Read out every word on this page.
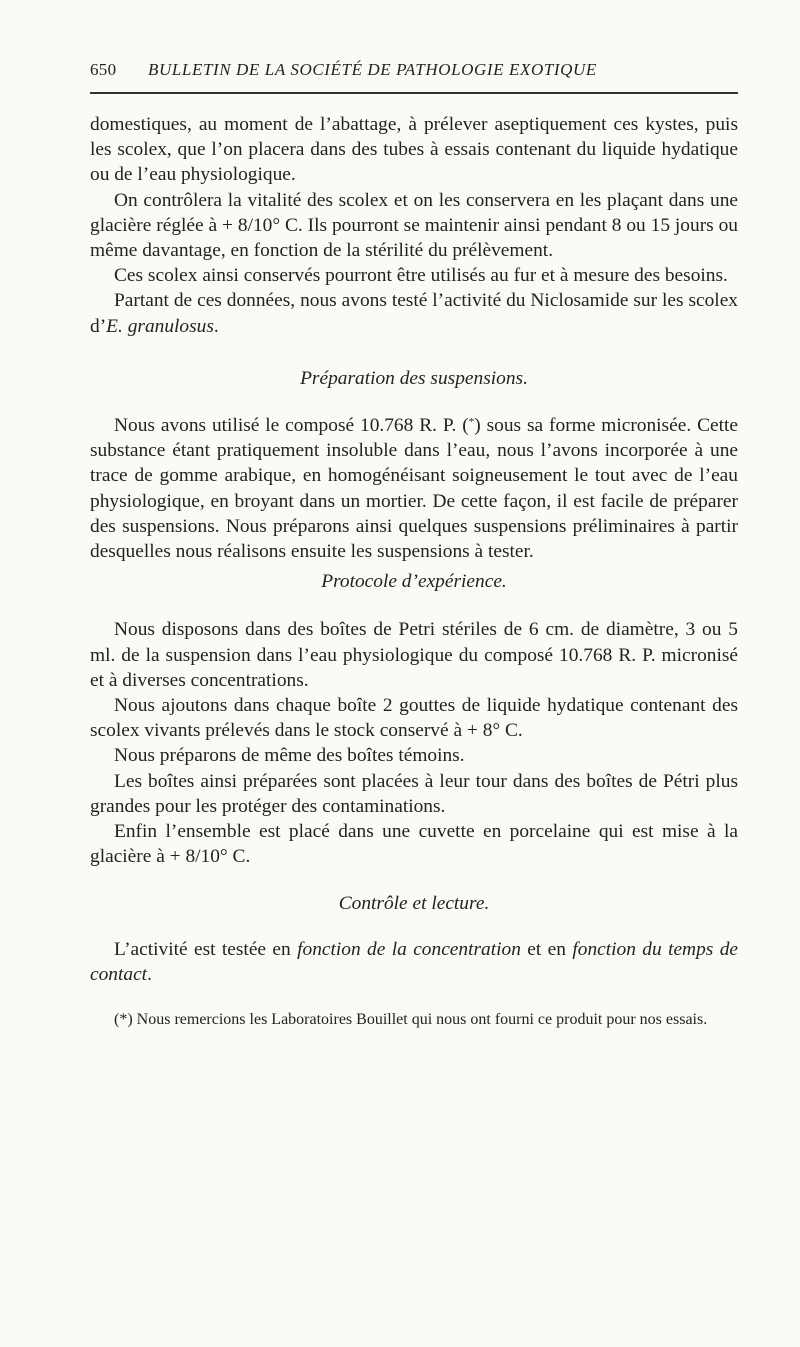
650	BULLETIN DE LA SOCIÉTÉ DE PATHOLOGIE EXOTIQUE

domestiques, au moment de l’abattage, à prélever aseptiquement ces kystes, puis les scolex, que l’on placera dans des tubes à essais contenant du liquide hydatique ou de l’eau physiologique.

On contrôlera la vitalité des scolex et on les conservera en les plaçant dans une glacière réglée à + 8/10° C. Ils pourront se maintenir ainsi pendant 8 ou 15 jours ou même davantage, en fonction de la stérilité du prélèvement.

Ces scolex ainsi conservés pourront être utilisés au fur et à mesure des besoins.

Partant de ces données, nous avons testé l’activité du Niclosamide sur les scolex d’E. granulosus.

Préparation des suspensions.

Nous avons utilisé le composé 10.768 R. P. (*) sous sa forme micronisée. Cette substance étant pratiquement insoluble dans l’eau, nous l’avons incorporée à une trace de gomme arabique, en homogénéisant soigneusement le tout avec de l’eau physiologique, en broyant dans un mortier. De cette façon, il est facile de préparer des suspensions. Nous préparons ainsi quelques suspensions préliminaires à partir desquelles nous réalisons ensuite les suspensions à tester.

Protocole d’expérience.

Nous disposons dans des boîtes de Petri stériles de 6 cm. de diamètre, 3 ou 5 ml. de la suspension dans l’eau physiologique du composé 10.768 R. P. micronisé et à diverses concentrations.

Nous ajoutons dans chaque boîte 2 gouttes de liquide hydatique contenant des scolex vivants prélevés dans le stock conservé à + 8° C.

Nous préparons de même des boîtes témoins.

Les boîtes ainsi préparées sont placées à leur tour dans des boîtes de Pétri plus grandes pour les protéger des contaminations.

Enfin l’ensemble est placé dans une cuvette en porcelaine qui est mise à la glacière à + 8/10° C.

Contrôle et lecture.

L’activité est testée en fonction de la concentration et en fonction du temps de contact.

(*) Nous remercions les Laboratoires Bouillet qui nous ont fourni ce produit pour nos essais.
